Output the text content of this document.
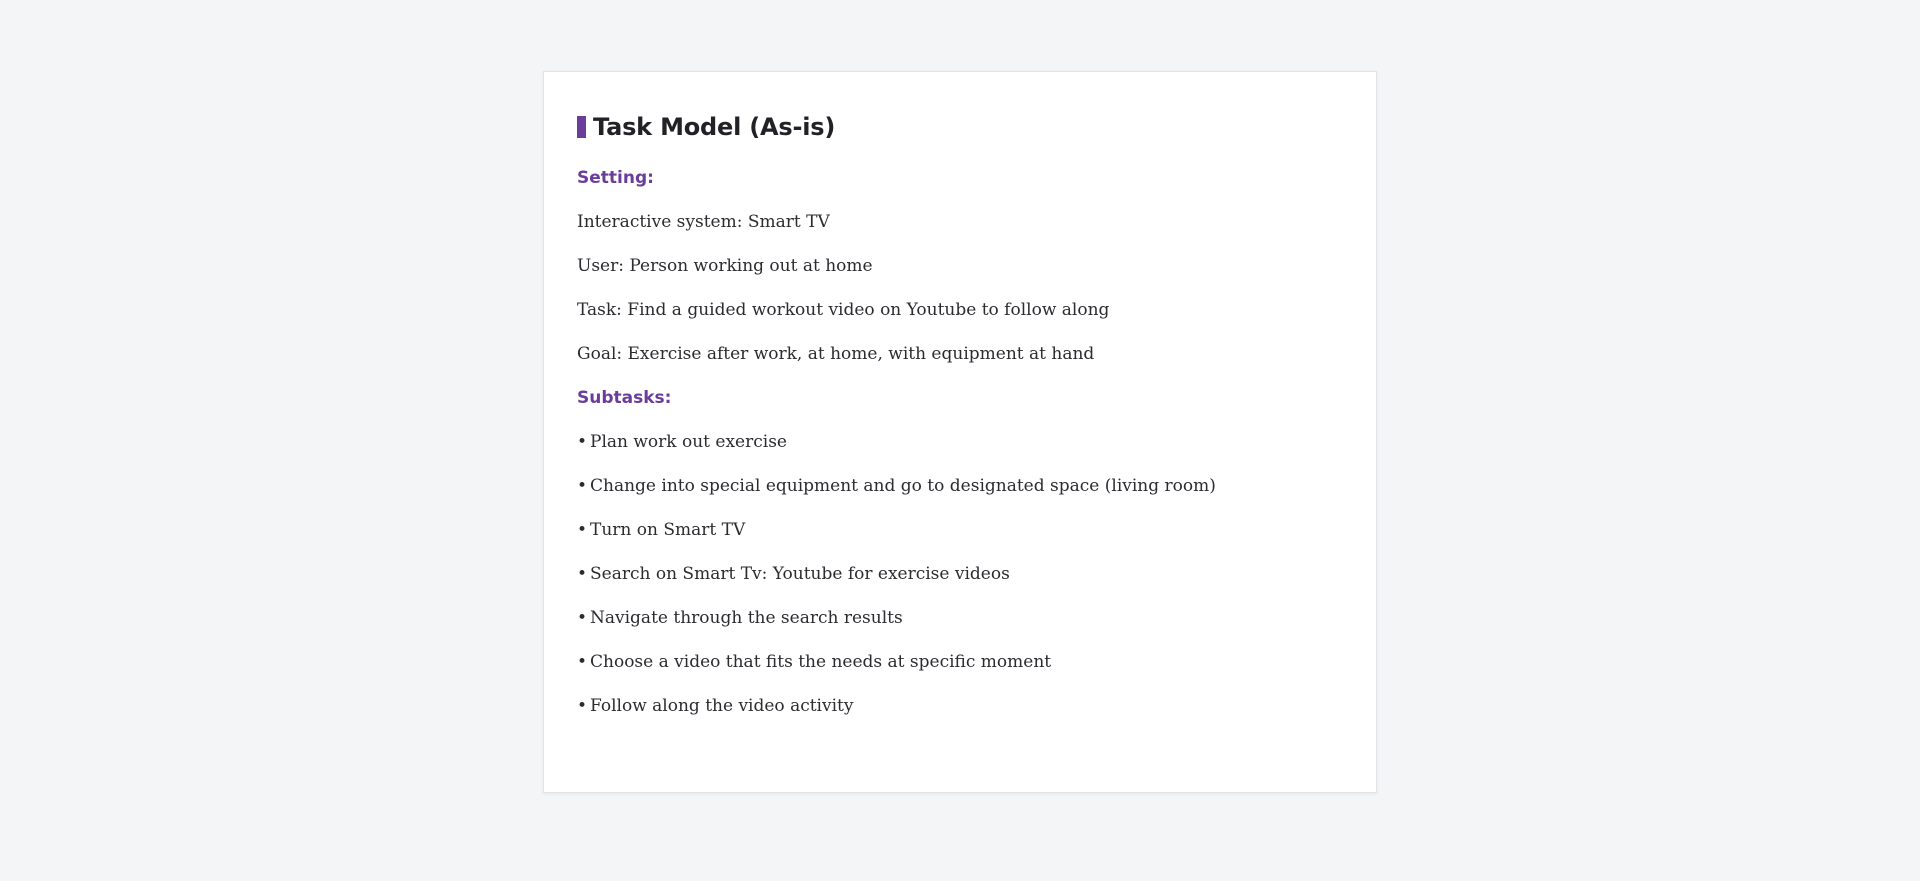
Task Model (As-is)
Setting:
Interactive system: Smart TV
User: Person working out at home
Task: Find a guided workout video on Youtube to follow along
Goal: Exercise after work, at home, with equipment at hand
Subtasks:
• Plan work out exercise
• Change into special equipment and go to designated space (living room)
• Turn on Smart TV
• Search on Smart Tv: Youtube for exercise videos
• Navigate through the search results
• Choose a video that fits the needs at specific moment
• Follow along the video activity
